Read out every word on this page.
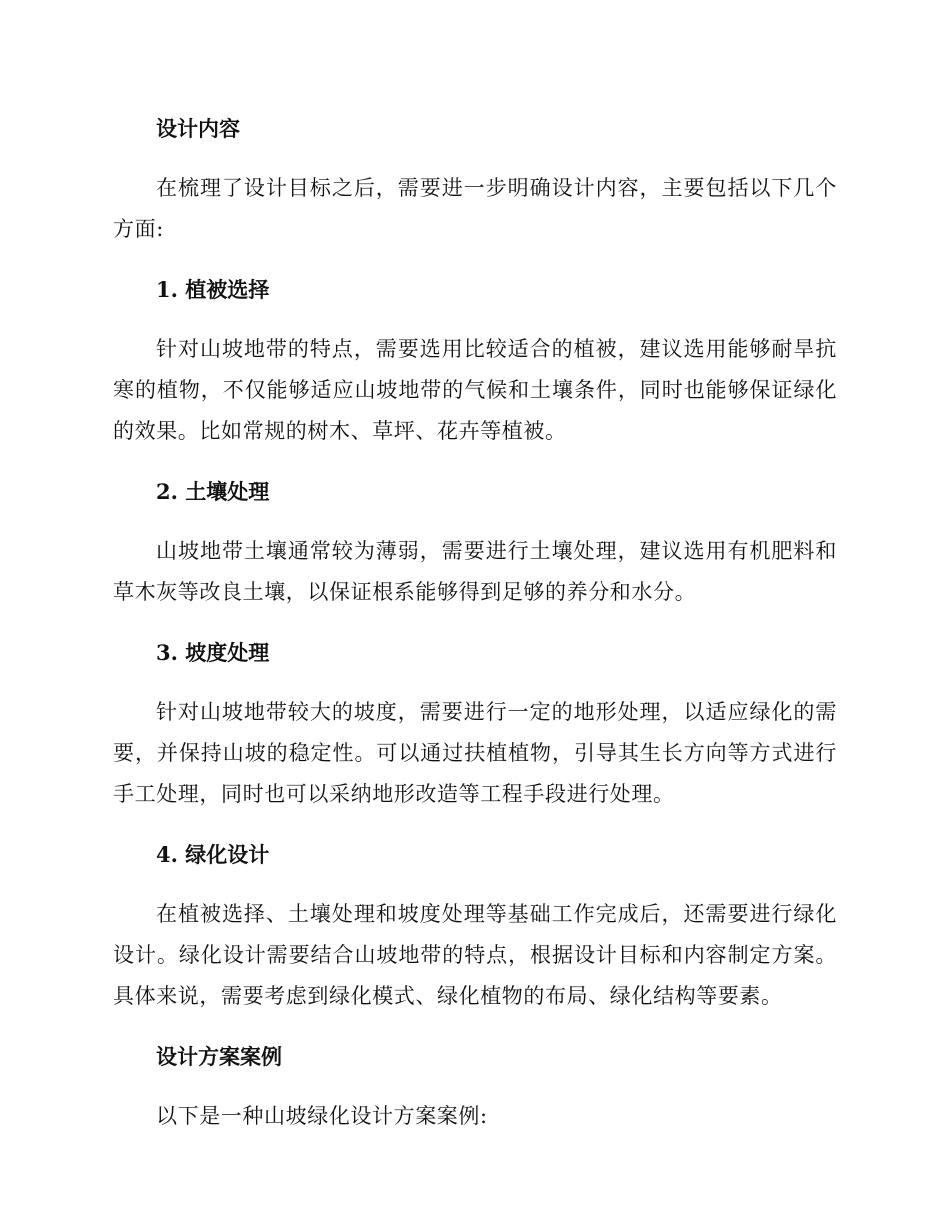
设计内容

在梳理了设计目标之后，需要进一步明确设计内容，主要包括以下几个方面:

1. 植被选择

针对山坡地带的特点，需要选用比较适合的植被，建议选用能够耐旱抗寒的植物，不仅能够适应山坡地带的气候和土壤条件，同时也能够保证绿化的效果。比如常规的树木、草坪、花卉等植被。

2. 土壤处理

山坡地带土壤通常较为薄弱，需要进行土壤处理，建议选用有机肥料和草木灰等改良土壤，以保证根系能够得到足够的养分和水分。

3. 坡度处理

针对山坡地带较大的坡度，需要进行一定的地形处理，以适应绿化的需要，并保持山坡的稳定性。可以通过扶植植物，引导其生长方向等方式进行手工处理，同时也可以采纳地形改造等工程手段进行处理。

4. 绿化设计

在植被选择、土壤处理和坡度处理等基础工作完成后，还需要进行绿化设计。绿化设计需要结合山坡地带的特点，根据设计目标和内容制定方案。具体来说，需要考虑到绿化模式、绿化植物的布局、绿化结构等要素。

设计方案案例

以下是一种山坡绿化设计方案案例:
